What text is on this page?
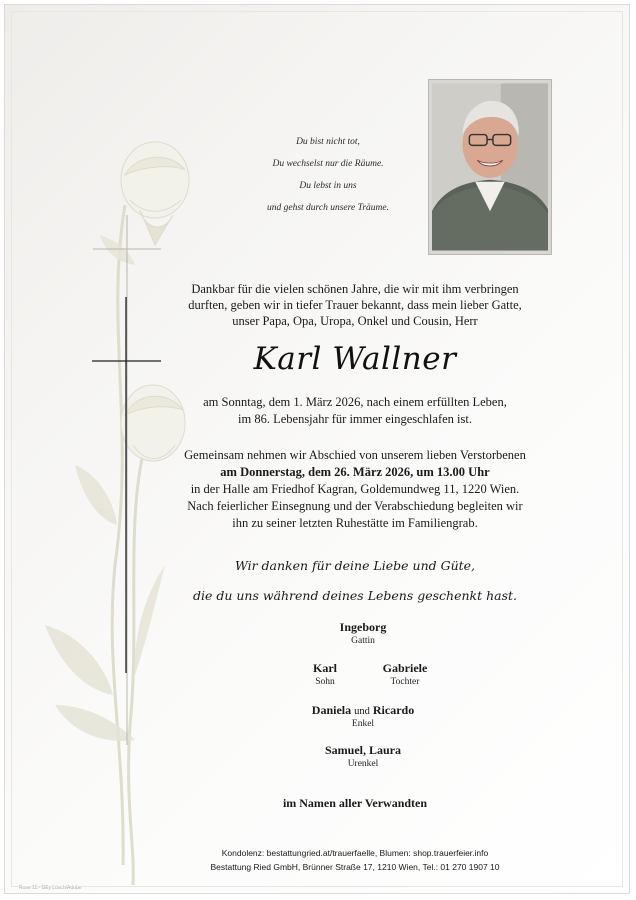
Du bist nicht tot,
Du wechselst nur die Räume.
Du lebst in uns
und gehst durch unsere Träume.
Dankbar für die vielen schönen Jahre, die wir mit ihm verbringen
durften, geben wir in tiefer Trauer bekannt, dass mein lieber Gatte,
unser Papa, Opa, Uropa, Onkel und Cousin, Herr
Karl Wallner
am Sonntag, dem 1. März 2026, nach einem erfüllten Leben,
im 86. Lebensjahr für immer eingeschlafen ist.
Gemeinsam nehmen wir Abschied von unserem lieben Verstorbenen
am Donnerstag, dem 26. März 2026, um 13.00 Uhr
in der Halle am Friedhof Kagran, Goldemundweg 11, 1220 Wien.
Nach feierlicher Einsegnung und der Verabschiedung begleiten wir
ihn zu seiner letzten Ruhestätte im Familiengrab.
Wir danken für deine Liebe und Güte,
die du uns während deines Lebens geschenkt hast.
Ingeborg
Gattin
Karl
Sohn
Gabriele
Tochter
Daniela und Ricardo
Enkel
Samuel, Laura
Urenkel
im Namen aller Verwandten
Kondolenz: bestattungried.at/trauerfaelle, Blumen: shop.trauerfeier.info
Bestattung Ried GmbH, Brünner Straße 17, 1210 Wien, Tel.: 01 270 1907 10
Rose 11 - Billy Lüsch/Adobe
